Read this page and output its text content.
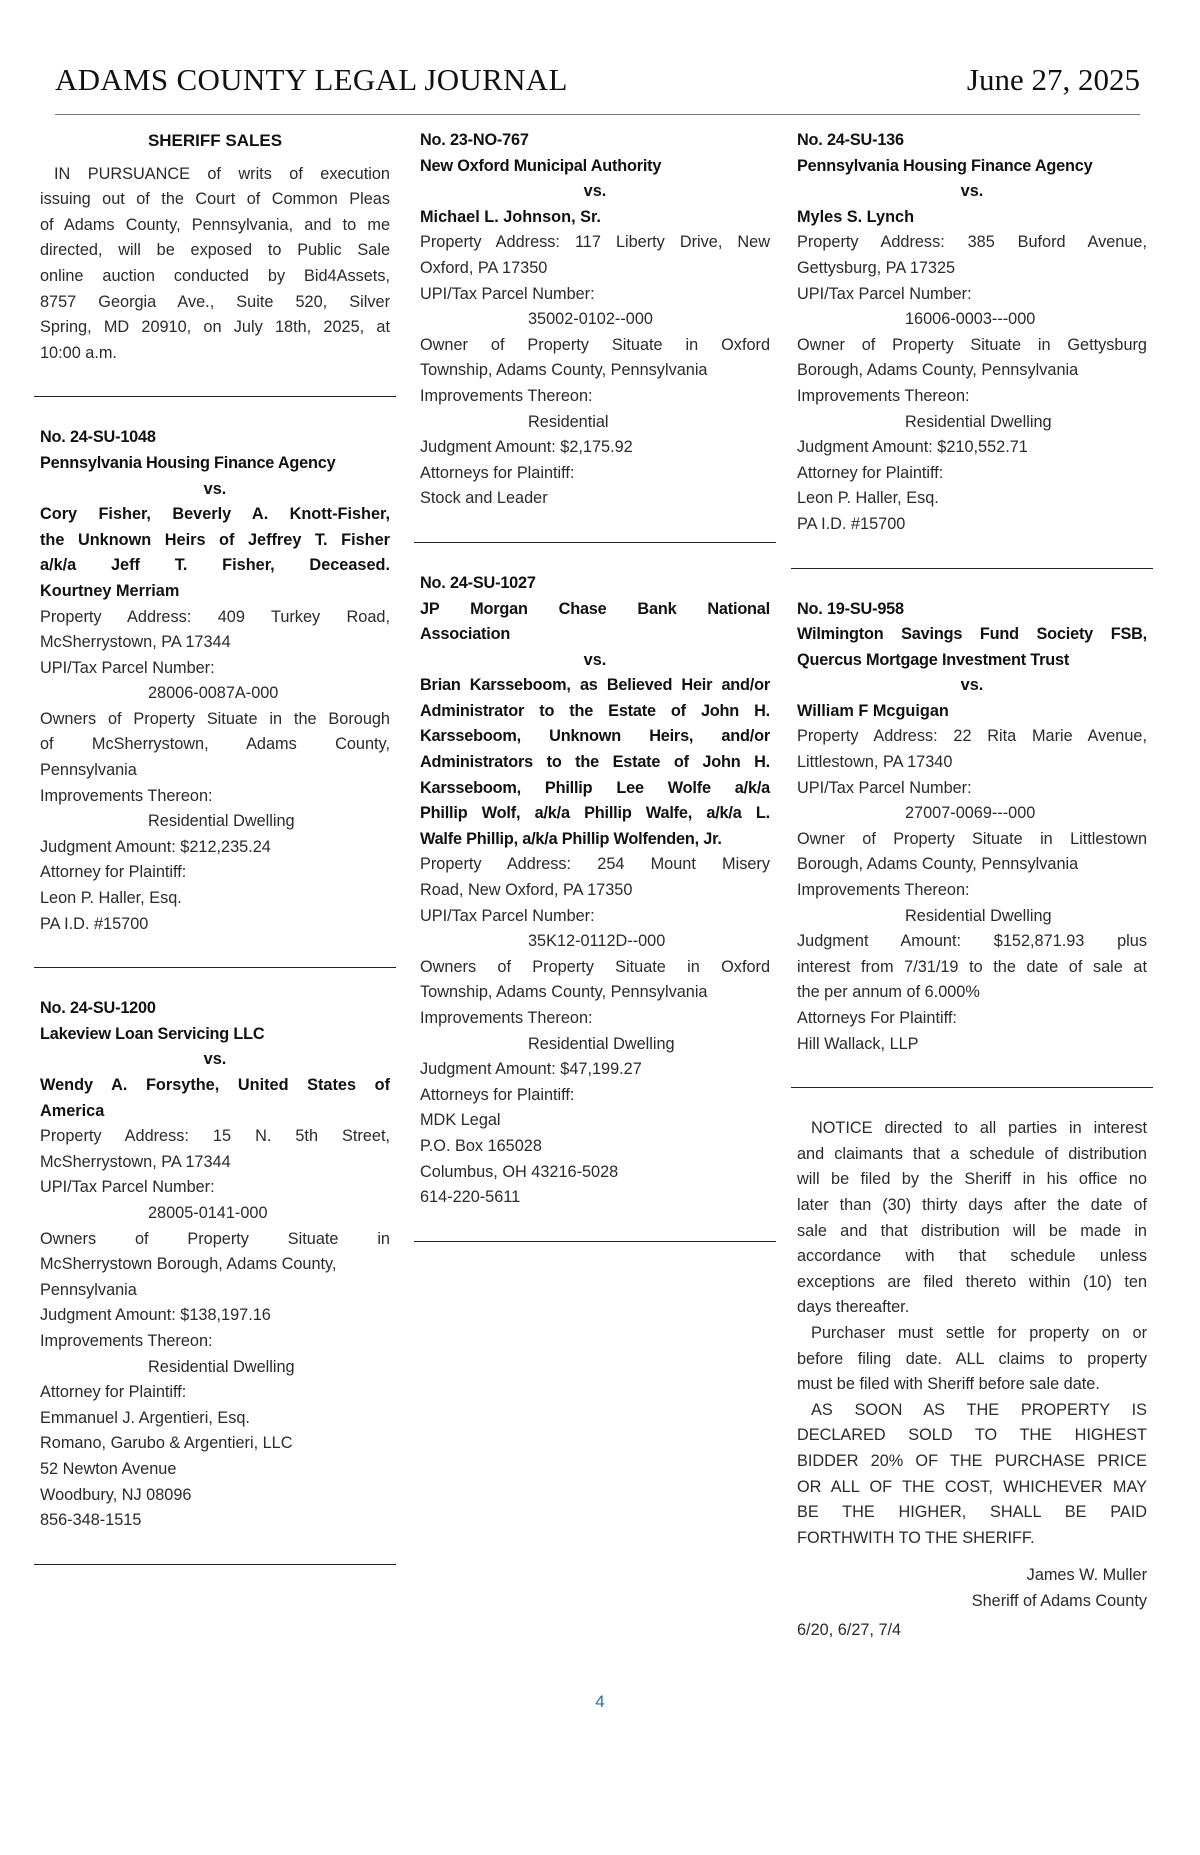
ADAMS COUNTY LEGAL JOURNAL	June 27, 2025
SHERIFF SALES
IN PURSUANCE of writs of execution
issuing out of the Court of Common Pleas
of Adams County, Pennsylvania, and to me
directed, will be exposed to Public Sale
online auction conducted by Bid4Assets,
8757 Georgia Ave., Suite 520, Silver
Spring, MD 20910, on July 18th, 2025, at
10:00 a.m.
No. 24-SU-1048
Pennsylvania Housing Finance Agency
vs.
Cory Fisher, Beverly A. Knott-Fisher,
the Unknown Heirs of Jeffrey T. Fisher
a/k/a Jeff T. Fisher, Deceased.
Kourtney Merriam
Property Address: 409 Turkey Road,
McSherrystown, PA 17344
UPI/Tax Parcel Number:
28006-0087A-000
Owners of Property Situate in the Borough
of McSherrystown, Adams County,
Pennsylvania
Improvements Thereon:
Residential Dwelling
Judgment Amount: $212,235.24
Attorney for Plaintiff:
Leon P. Haller, Esq.
PA I.D. #15700
No. 24-SU-1200
Lakeview Loan Servicing LLC
vs.
Wendy A. Forsythe, United States of
America
Property Address: 15 N. 5th Street,
McSherrystown, PA 17344
UPI/Tax Parcel Number:
28005-0141-000
Owners of Property Situate in
McSherrystown Borough, Adams County,
Pennsylvania
Judgment Amount: $138,197.16
Improvements Thereon:
Residential Dwelling
Attorney for Plaintiff:
Emmanuel J. Argentieri, Esq.
Romano, Garubo & Argentieri, LLC
52 Newton Avenue
Woodbury, NJ 08096
856-348-1515
No. 23-NO-767
New Oxford Municipal Authority
vs.
Michael L. Johnson, Sr.
Property Address: 117 Liberty Drive, New
Oxford, PA 17350
UPI/Tax Parcel Number:
35002-0102--000
Owner of Property Situate in Oxford
Township, Adams County, Pennsylvania
Improvements Thereon:
Residential
Judgment Amount: $2,175.92
Attorneys for Plaintiff:
Stock and Leader
No. 24-SU-1027
JP Morgan Chase Bank National
Association
vs.
Brian Karsseboom, as Believed Heir and/or
Administrator to the Estate of John H.
Karsseboom, Unknown Heirs, and/or
Administrators to the Estate of John H.
Karsseboom, Phillip Lee Wolfe a/k/a
Phillip Wolf, a/k/a Phillip Walfe, a/k/a L.
Walfe Phillip, a/k/a Phillip Wolfenden, Jr.
Property Address: 254 Mount Misery
Road, New Oxford, PA 17350
UPI/Tax Parcel Number:
35K12-0112D--000
Owners of Property Situate in Oxford
Township, Adams County, Pennsylvania
Improvements Thereon:
Residential Dwelling
Judgment Amount: $47,199.27
Attorneys for Plaintiff:
MDK Legal
P.O. Box 165028
Columbus, OH 43216-5028
614-220-5611
No. 24-SU-136
Pennsylvania Housing Finance Agency
vs.
Myles S. Lynch
Property Address: 385 Buford Avenue,
Gettysburg, PA 17325
UPI/Tax Parcel Number:
16006-0003---000
Owner of Property Situate in Gettysburg
Borough, Adams County, Pennsylvania
Improvements Thereon:
Residential Dwelling
Judgment Amount: $210,552.71
Attorney for Plaintiff:
Leon P. Haller, Esq.
PA I.D. #15700
No. 19-SU-958
Wilmington Savings Fund Society FSB,
Quercus Mortgage Investment Trust
vs.
William F Mcguigan
Property Address: 22 Rita Marie Avenue,
Littlestown, PA 17340
UPI/Tax Parcel Number:
27007-0069---000
Owner of Property Situate in Littlestown
Borough, Adams County, Pennsylvania
Improvements Thereon:
Residential Dwelling
Judgment Amount: $152,871.93 plus
interest from 7/31/19 to the date of sale at
the per annum of 6.000%
Attorneys For Plaintiff:
Hill Wallack, LLP
NOTICE directed to all parties in interest
and claimants that a schedule of distribution
will be filed by the Sheriff in his office no
later than (30) thirty days after the date of
sale and that distribution will be made in
accordance with that schedule unless
exceptions are filed thereto within (10) ten
days thereafter.
Purchaser must settle for property on or
before filing date. ALL claims to property
must be filed with Sheriff before sale date.
AS SOON AS THE PROPERTY IS
DECLARED SOLD TO THE HIGHEST
BIDDER 20% OF THE PURCHASE PRICE
OR ALL OF THE COST, WHICHEVER MAY
BE THE HIGHER, SHALL BE PAID
FORTHWITH TO THE SHERIFF.
James W. Muller
Sheriff of Adams County
6/20, 6/27, 7/4
4
